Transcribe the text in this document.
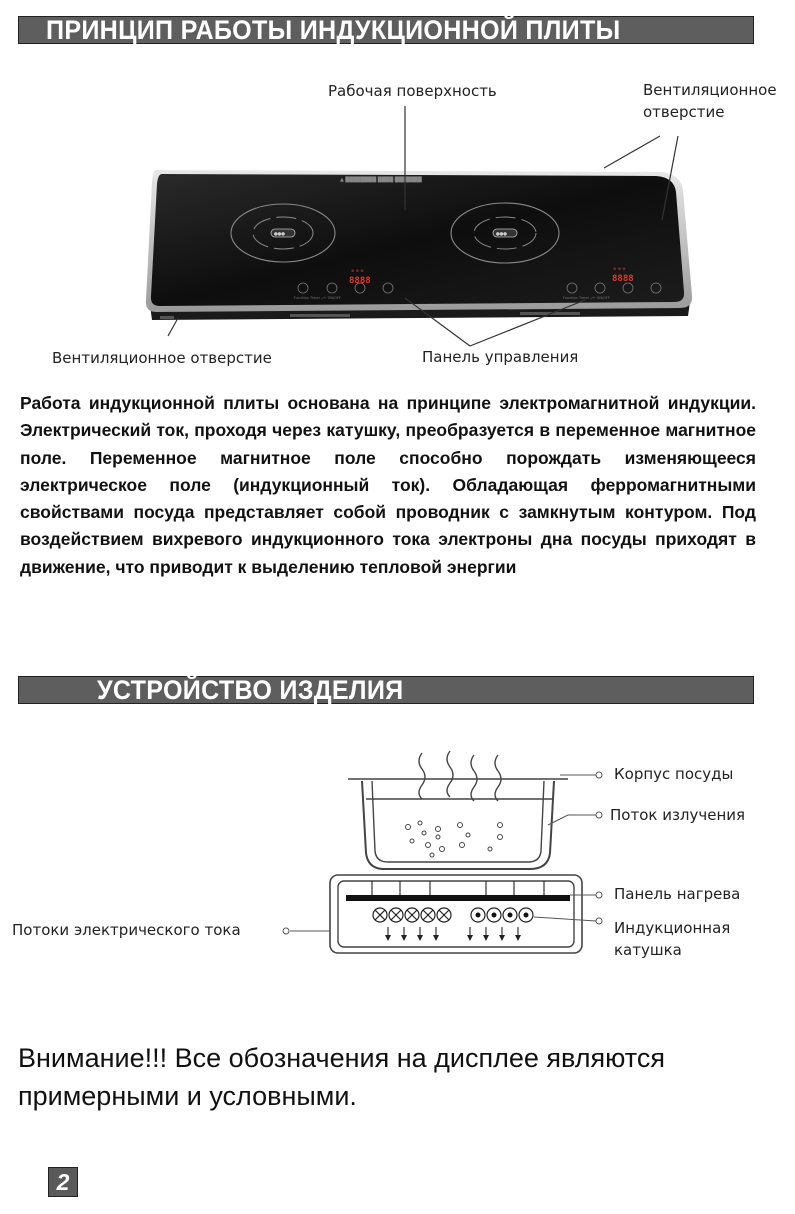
ПРИНЦИП РАБОТЫ ИНДУКЦИОННОЙ ПЛИТЫ
▲ ████████ ████ ███████
●●●	●●●
⊕ ⊕ ⊕
8888
Function Timer -/+ ON/OFF
⊕ ⊕ ⊕
8888
Function Timer -/+ ON/OFF
Рабочая поверхность	Вентиляционное
отверстие
Вентиляционное отверстие	Панель управления
Работа индукционной плиты основана на принципе электромагнитной индукции. Электрический ток, проходя через катушку, преобразуется в переменное магнитное поле. Переменное магнитное поле способно порождать изменяющееся электрическое поле (индукционный ток). Обладающая ферромагнитными свойствами посуда представляет собой проводник с замкнутым контуром. Под воздействием вихревого индукционного тока электроны дна посуды приходят в движение, что приводит к выделению тепловой энергии
УСТРОЙСТВО ИЗДЕЛИЯ
Корпус посуды
Поток излучения
Панель нагрева
Индукционная
катушка
Потоки электрического тока
Внимание!!! Все обозначения на дисплее являются
примерными и условными.
2
